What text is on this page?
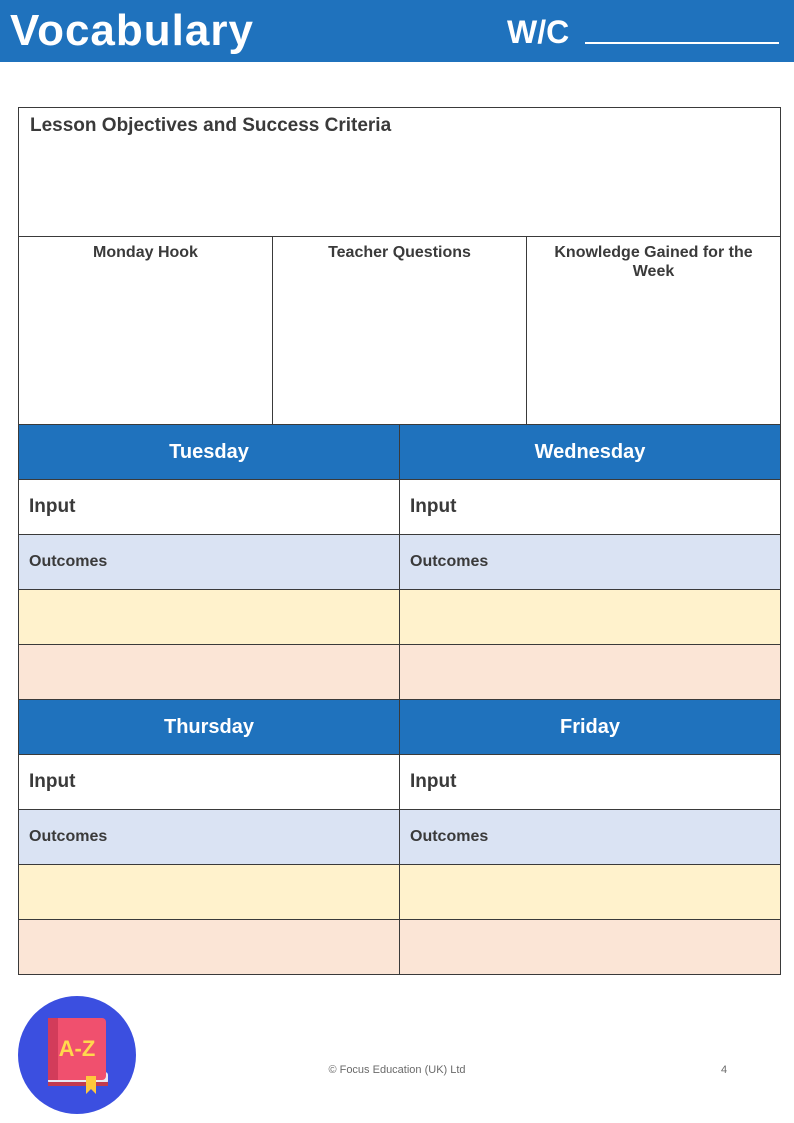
Vocabulary	W/C
Lesson Objectives and Success Criteria
Monday Hook	Teacher Questions	Knowledge Gained for the Week
Tuesday	Wednesday
Input	Input
Outcomes	Outcomes

Thursday	Friday
Input	Input
Outcomes	Outcomes

A-Z
© Focus Education (UK) Ltd	4
